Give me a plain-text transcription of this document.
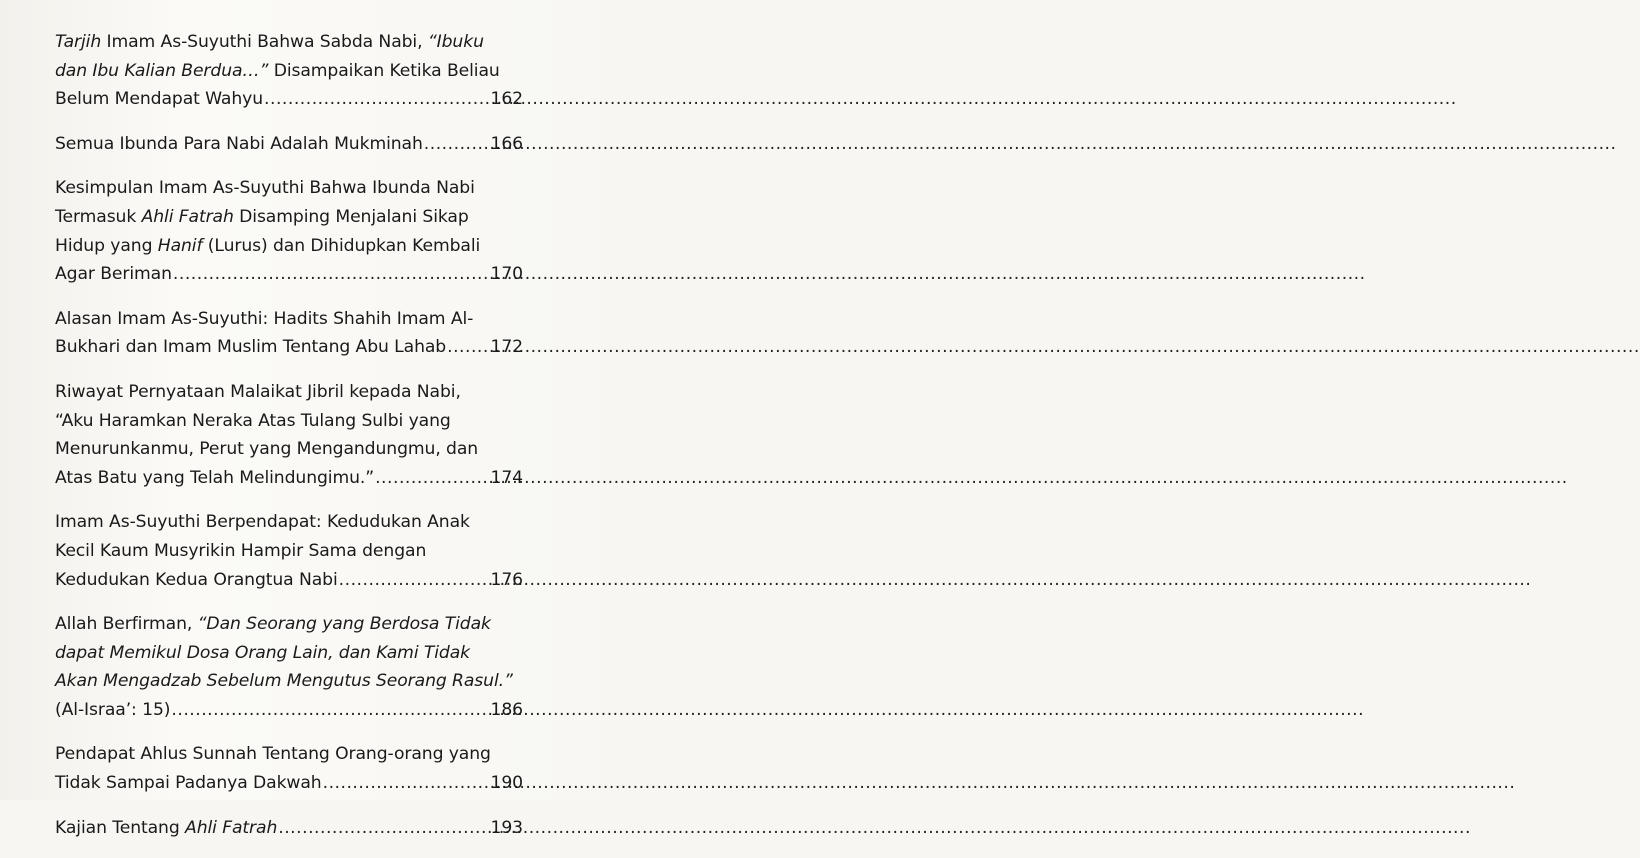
Tarjih Imam As-Suyuthi Bahwa Sabda Nabi, “Ibuku
dan Ibu Kalian Berdua…” Disampaikan Ketika Beliau
Belum Mendapat Wahyu .....	162
Semua Ibunda Para Nabi Adalah Mukminah .....	166
Kesimpulan Imam As-Suyuthi Bahwa Ibunda Nabi
Termasuk Ahli Fatrah Disamping Menjalani Sikap
Hidup yang Hanif (Lurus) dan Dihidupkan Kembali
Agar Beriman .....	170
Alasan Imam As-Suyuthi: Hadits Shahih Imam Al-
Bukhari dan Imam Muslim Tentang Abu Lahab .....	172
Riwayat Pernyataan Malaikat Jibril kepada Nabi,
“Aku Haramkan Neraka Atas Tulang Sulbi yang
Menurunkanmu, Perut yang Mengandungmu, dan
Atas Batu yang Telah Melindungimu.” .....	174
Imam As-Suyuthi Berpendapat: Kedudukan Anak
Kecil Kaum Musyrikin Hampir Sama dengan
Kedudukan Kedua Orangtua Nabi .....	176
Allah Berfirman, “Dan Seorang yang Berdosa Tidak
dapat Memikul Dosa Orang Lain, dan Kami Tidak
Akan Mengadzab Sebelum Mengutus Seorang Rasul.”
(Al-Israa’: 15) .....	186
Pendapat Ahlus Sunnah Tentang Orang-orang yang
Tidak Sampai Padanya Dakwah .....	190
Kajian Tentang Ahli Fatrah .....	193
